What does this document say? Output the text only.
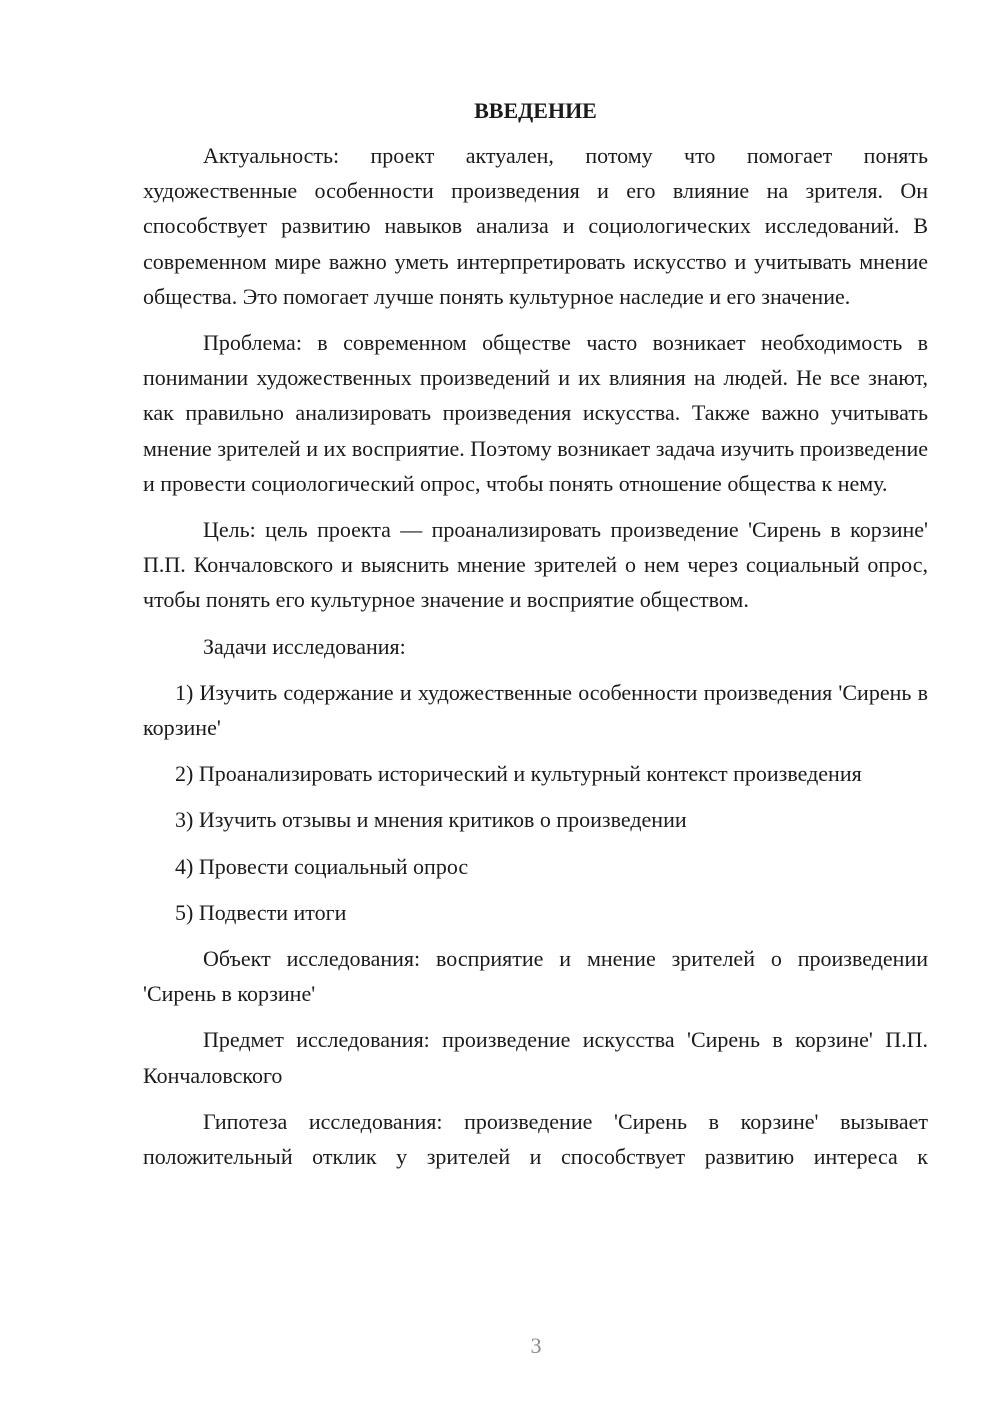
ВВЕДЕНИЕ

Актуальность: проект актуален, потому что помогает понять художественные особенности произведения и его влияние на зрителя. Он способствует развитию навыков анализа и социологических исследований. В современном мире важно уметь интерпретировать искусство и учитывать мнение общества. Это помогает лучше понять культурное наследие и его значение.

Проблема: в современном обществе часто возникает необходимость в понимании художественных произведений и их влияния на людей. Не все знают, как правильно анализировать произведения искусства. Также важно учитывать мнение зрителей и их восприятие. Поэтому возникает задача изучить произведение и провести социологический опрос, чтобы понять отношение общества к нему.

Цель: цель проекта — проанализировать произведение 'Сирень в корзине' П.П. Кончаловского и выяснить мнение зрителей о нем через социальный опрос, чтобы понять его культурное значение и восприятие обществом.

Задачи исследования:

1) Изучить содержание и художественные особенности произведения 'Сирень в корзине'

2) Проанализировать исторический и культурный контекст произведения

3) Изучить отзывы и мнения критиков о произведении

4) Провести социальный опрос

5) Подвести итоги

Объект исследования: восприятие и мнение зрителей о произведении 'Сирень в корзине'

Предмет исследования: произведение искусства 'Сирень в корзине' П.П. Кончаловского

Гипотеза исследования: произведение 'Сирень в корзине' вызывает положительный отклик у зрителей и способствует развитию интереса к

3
